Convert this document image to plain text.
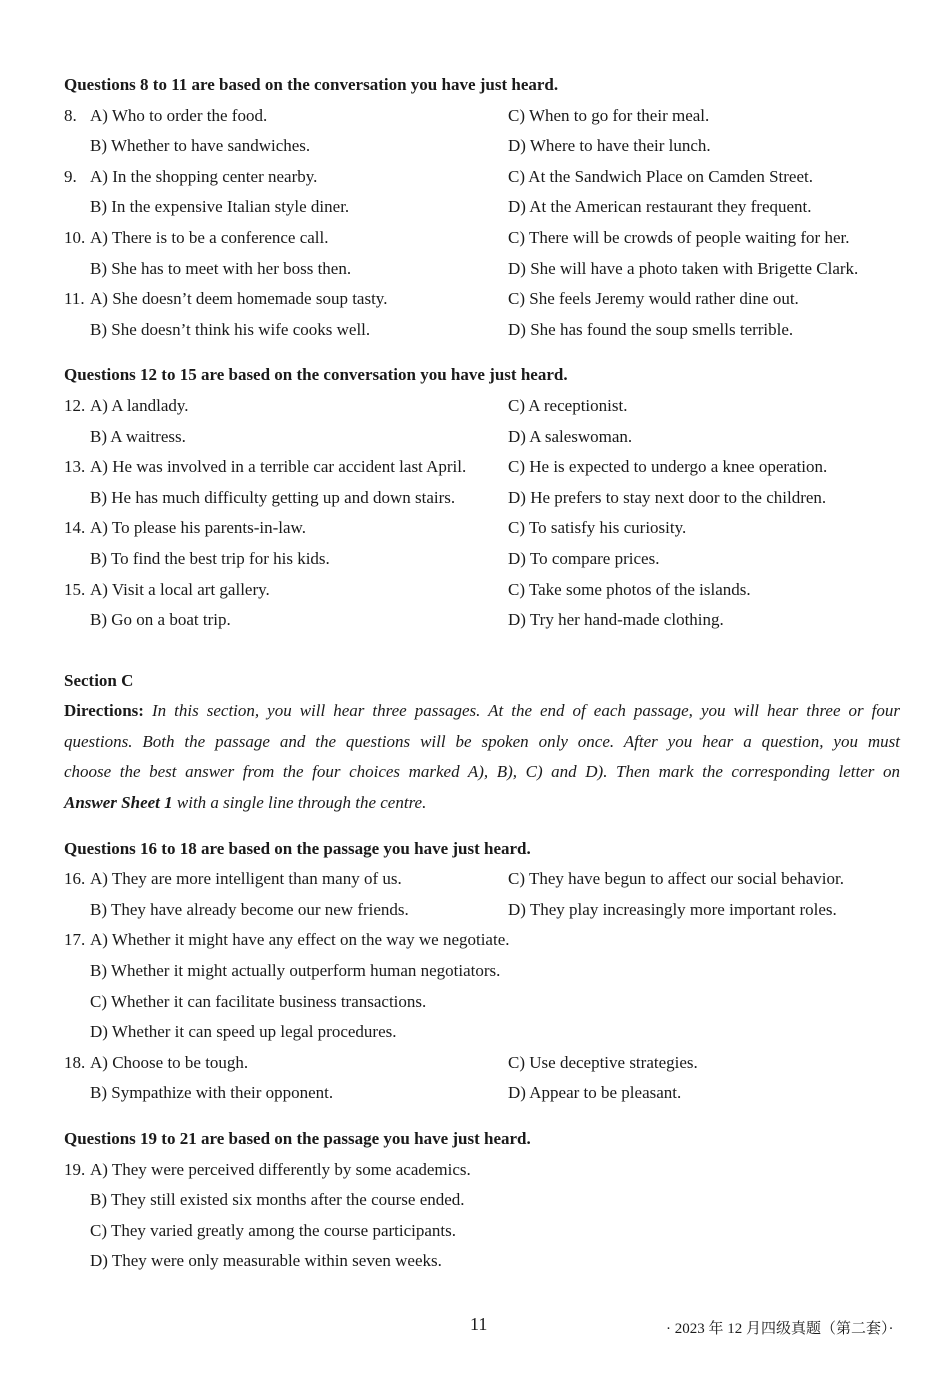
Questions 8 to 11 are based on the conversation you have just heard.
8. A) Who to order the food.	C) When to go for their meal.
B) Whether to have sandwiches.	D) Where to have their lunch.
9. A) In the shopping center nearby.	C) At the Sandwich Place on Camden Street.
B) In the expensive Italian style diner.	D) At the American restaurant they frequent.
10. A) There is to be a conference call.	C) There will be crowds of people waiting for her.
B) She has to meet with her boss then.	D) She will have a photo taken with Brigette Clark.
11. A) She doesn’t deem homemade soup tasty.	C) She feels Jeremy would rather dine out.
B) She doesn’t think his wife cooks well.	D) She has found the soup smells terrible.
Questions 12 to 15 are based on the conversation you have just heard.
12. A) A landlady.	C) A receptionist.
B) A waitress.	D) A saleswoman.
13. A) He was involved in a terrible car accident last April. C) He is expected to undergo a knee operation.
B) He has much difficulty getting up and down stairs.	D) He prefers to stay next door to the children.
14. A) To please his parents-in-law.	C) To satisfy his curiosity.
B) To find the best trip for his kids.	D) To compare prices.
15. A) Visit a local art gallery.	C) Take some photos of the islands.
B) Go on a boat trip.	D) Try her hand-made clothing.
Section C
Directions: In this section, you will hear three passages. At the end of each passage, you will hear three or four
questions. Both the passage and the questions will be spoken only once. After you hear a question, you must
choose the best answer from the four choices marked A), B), C) and D). Then mark the corresponding letter on
Answer Sheet 1 with a single line through the centre.
Questions 16 to 18 are based on the passage you have just heard.
16. A) They are more intelligent than many of us.	C) They have begun to affect our social behavior.
B) They have already become our new friends.	D) They play increasingly more important roles.
17. A) Whether it might have any effect on the way we negotiate.
B) Whether it might actually outperform human negotiators.
C) Whether it can facilitate business transactions.
D) Whether it can speed up legal procedures.
18. A) Choose to be tough.	C) Use deceptive strategies.
B) Sympathize with their opponent.	D) Appear to be pleasant.
Questions 19 to 21 are based on the passage you have just heard.
19. A) They were perceived differently by some academics.
B) They still existed six months after the course ended.
C) They varied greatly among the course participants.
D) They were only measurable within seven weeks.
11	· 2023 年 12 月四级真题（第二套）·
